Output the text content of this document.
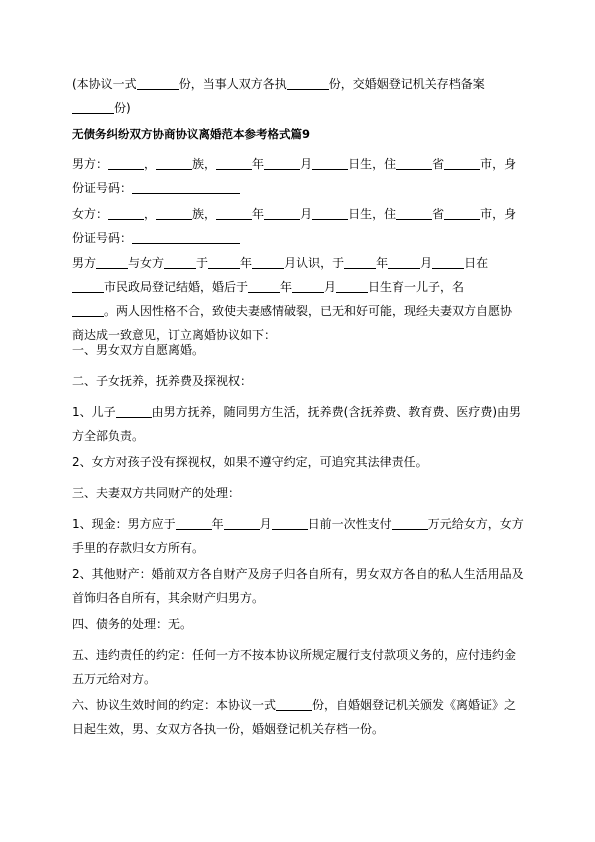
(本协议一式	份，当事人双方各执	份，交婚姻登记机关存档备案
份)
无债务纠纷双方协商协议离婚范本参考格式篇9
男方：	，	族，	年	月	日生，住	省	市，身
份证号码：
女方：	，	族，	年	月	日生，住	省	市，身
份证号码：
男方	与女方	于	年	月认识，于	年	月	日在
市民政局登记结婚，婚后于	年	月	日生育一儿子，名
。两人因性格不合，致使夫妻感情破裂，已无和好可能，现经夫妻双方自愿协
商达成一致意见，订立离婚协议如下：
一、男女双方自愿离婚。
二、子女抚养，抚养费及探视权：
1、儿子	由男方抚养，随同男方生活，抚养费(含抚养费、教育费、医疗费)由男
方全部负责。
2、女方对孩子没有探视权，如果不遵守约定，可追究其法律责任。
三、夫妻双方共同财产的处理：
1、现金：男方应于	年	月	日前一次性支付	万元给女方，女方
手里的存款归女方所有。
2、其他财产：婚前双方各自财产及房子归各自所有，男女双方各自的私人生活用品及
首饰归各自所有，其余财产归男方。
四、债务的处理：无。
五、违约责任的约定：任何一方不按本协议所规定履行支付款项义务的，应付违约金
五万元给对方。
六、协议生效时间的约定：本协议一式	份，自婚姻登记机关颁发《离婚证》之
日起生效，男、女双方各执一份，婚姻登记机关存档一份。
